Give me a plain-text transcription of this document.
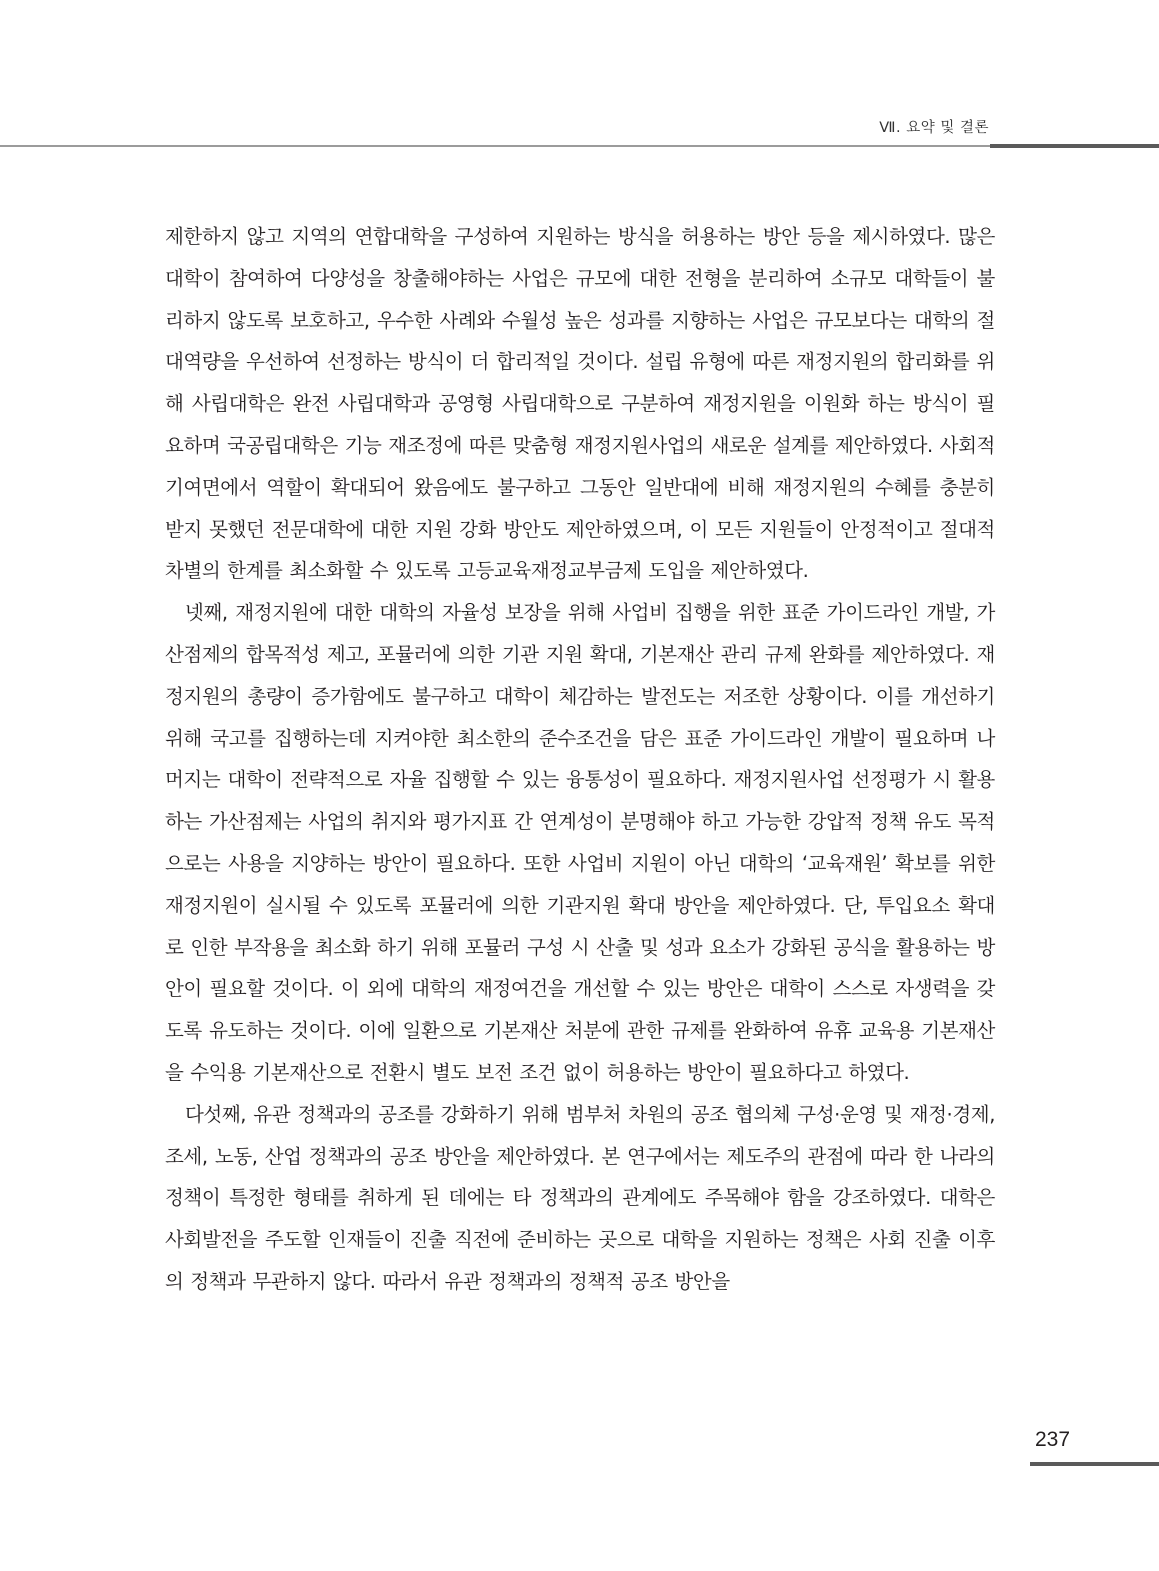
Ⅶ. 요약 및 결론

제한하지 않고 지역의 연합대학을 구성하여 지원하는 방식을 허용하는 방안 등을 제시하였다. 많은 대학이 참여하여 다양성을 창출해야하는 사업은 규모에 대한 전형을 분리하여 소규모 대학들이 불리하지 않도록 보호하고, 우수한 사례와 수월성 높은 성과를 지향하는 사업은 규모보다는 대학의 절대역량을 우선하여 선정하는 방식이 더 합리적일 것이다. 설립 유형에 따른 재정지원의 합리화를 위해 사립대학은 완전 사립대학과 공영형 사립대학으로 구분하여 재정지원을 이원화 하는 방식이 필요하며 국공립대학은 기능 재조정에 따른 맞춤형 재정지원사업의 새로운 설계를 제안하였다. 사회적 기여면에서 역할이 확대되어 왔음에도 불구하고 그동안 일반대에 비해 재정지원의 수혜를 충분히 받지 못했던 전문대학에 대한 지원 강화 방안도 제안하였으며, 이 모든 지원들이 안정적이고 절대적 차별의 한계를 최소화할 수 있도록 고등교육재정교부금제 도입을 제안하였다.

넷째, 재정지원에 대한 대학의 자율성 보장을 위해 사업비 집행을 위한 표준 가이드라인 개발, 가산점제의 합목적성 제고, 포뮬러에 의한 기관 지원 확대, 기본재산 관리 규제 완화를 제안하였다. 재정지원의 총량이 증가함에도 불구하고 대학이 체감하는 발전도는 저조한 상황이다. 이를 개선하기 위해 국고를 집행하는데 지켜야한 최소한의 준수조건을 담은 표준 가이드라인 개발이 필요하며 나머지는 대학이 전략적으로 자율 집행할 수 있는 융통성이 필요하다. 재정지원사업 선정평가 시 활용하는 가산점제는 사업의 취지와 평가지표 간 연계성이 분명해야 하고 가능한 강압적 정책 유도 목적으로는 사용을 지양하는 방안이 필요하다. 또한 사업비 지원이 아닌 대학의 ‘교육재원’ 확보를 위한 재정지원이 실시될 수 있도록 포뮬러에 의한 기관지원 확대 방안을 제안하였다. 단, 투입요소 확대로 인한 부작용을 최소화 하기 위해 포뮬러 구성 시 산출 및 성과 요소가 강화된 공식을 활용하는 방안이 필요할 것이다. 이 외에 대학의 재정여건을 개선할 수 있는 방안은 대학이 스스로 자생력을 갖도록 유도하는 것이다. 이에 일환으로 기본재산 처분에 관한 규제를 완화하여 유휴 교육용 기본재산을 수익용 기본재산으로 전환시 별도 보전 조건 없이 허용하는 방안이 필요하다고 하였다.

다섯째, 유관 정책과의 공조를 강화하기 위해 범부처 차원의 공조 협의체 구성·운영 및 재정·경제, 조세, 노동, 산업 정책과의 공조 방안을 제안하였다. 본 연구에서는 제도주의 관점에 따라 한 나라의 정책이 특정한 형태를 취하게 된 데에는 타 정책과의 관계에도 주목해야 함을 강조하였다. 대학은 사회발전을 주도할 인재들이 진출 직전에 준비하는 곳으로 대학을 지원하는 정책은 사회 진출 이후의 정책과 무관하지 않다. 따라서 유관 정책과의 정책적 공조 방안을

237
